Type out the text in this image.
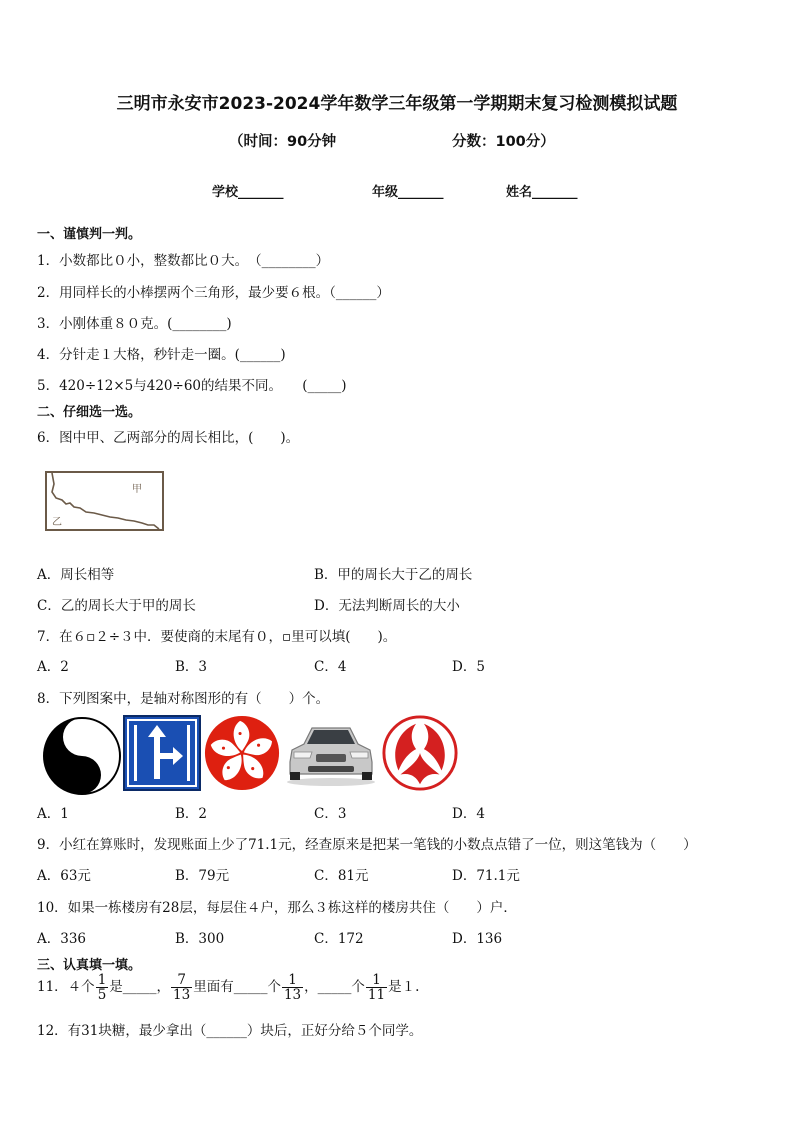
三明市永安市2023-2024学年数学三年级第一学期期末复习检测模拟试题
（时间：90分钟	分数：100分）
学校_______	年级_______	姓名_______
一、谨慎判一判。
1．小数都比０小，整数都比０大。　（________）
2．用同样长的小棒摆两个三角形，最少要６根。（______）
3．小刚体重８０克。(________)
4．分针走１大格，秒针走一圈。(______)
5．420÷12×5与420÷60的结果不同。　　(_____)
二、仔细选一选。
6．图中甲、乙两部分的周长相比，(　　)。
甲
乙
A．周长相等	B．甲的周长大于乙的周长
C．乙的周长大于甲的周长	D．无法判断周长的大小
7．在６▫２÷３中．要使商的末尾有０，▫里可以填(　　)。
A．2	B．3	C．4	D．5
8．下列图案中，是轴对称图形的有（　　）个。
A．1	B．2	C．3	D．4
9．小红在算账时，发现账面上少了71.1元，经查原来是把某一笔钱的小数点点错了一位，则这笔钱为（　　）
A．63元	B．79元	C．81元	D．71.1元
10．如果一栋楼房有28层，每层住４户，那么３栋这样的楼房共住（　　）户．
A．336	B．300	C．172	D．136
三、认真填一填。
11．４个 $\frac{1}{5}$ 是_____， $\frac{7}{13}$ 里面有_____个 $\frac{1}{13}$ ，_____个 $\frac{1}{11}$ 是１.
12．有31块糖，最少拿出（______）块后，正好分给５个同学。
